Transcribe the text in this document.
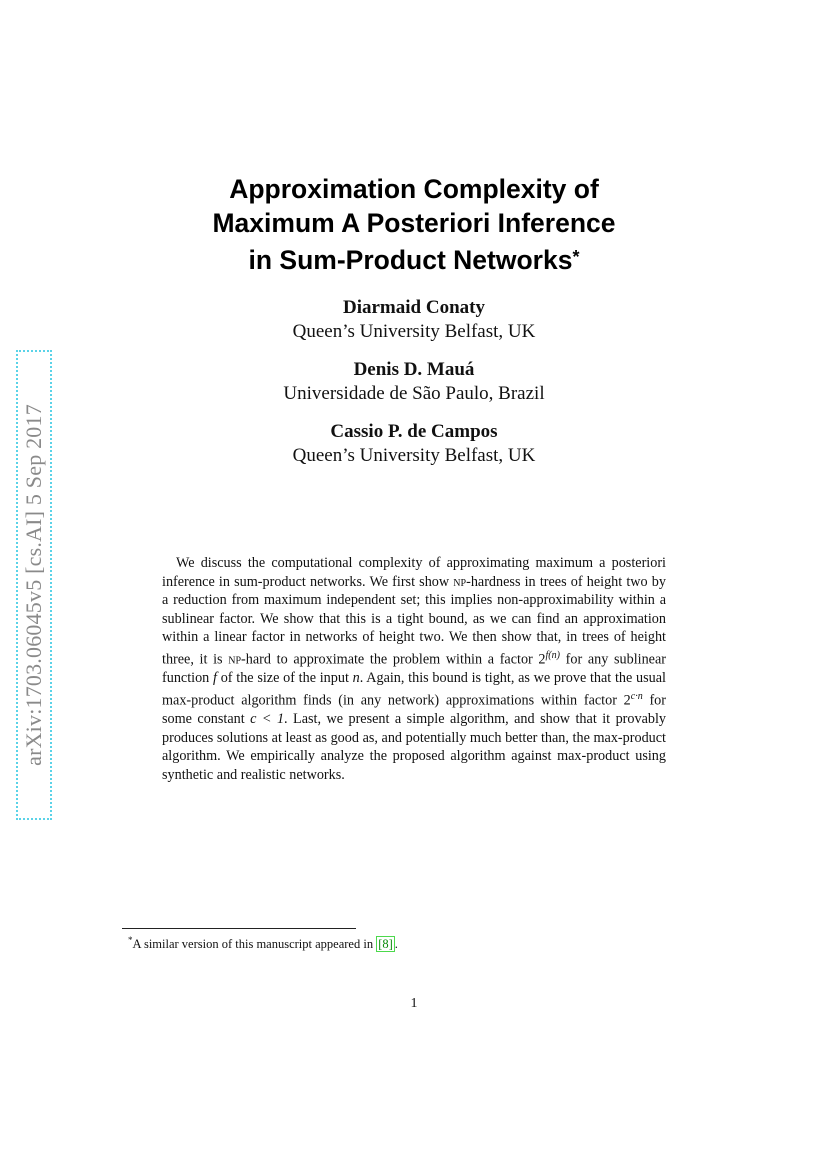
arXiv:1703.06045v5 [cs.AI] 5 Sep 2017
Approximation Complexity of
Maximum A Posteriori Inference
in Sum-Product Networks*
Diarmaid Conaty
Queen’s University Belfast, UK
Denis D. Mauá
Universidade de São Paulo, Brazil
Cassio P. de Campos
Queen’s University Belfast, UK

We discuss the computational complexity of approximating maximum a posteriori inference in sum-product networks. We first show np-hardness in trees of height two by a reduction from maximum independent set; this implies non-approximability within a sublinear factor. We show that this is a tight bound, as we can find an approximation within a linear factor in networks of height two. We then show that, in trees of height three, it is np-hard to approximate the problem within a factor $2^{f(n)}$ for any sublinear function f of the size of the input n. Again, this bound is tight, as we prove that the usual max-product algorithm finds (in any network) approximations within factor $2^{c\cdot n}$ for some constant c < 1. Last, we present a simple algorithm, and show that it provably produces solutions at least as good as, and potentially much better than, the max-product algorithm. We empirically analyze the proposed algorithm against max-product using synthetic and realistic networks.

*A similar version of this manuscript appeared in [8] .
1
